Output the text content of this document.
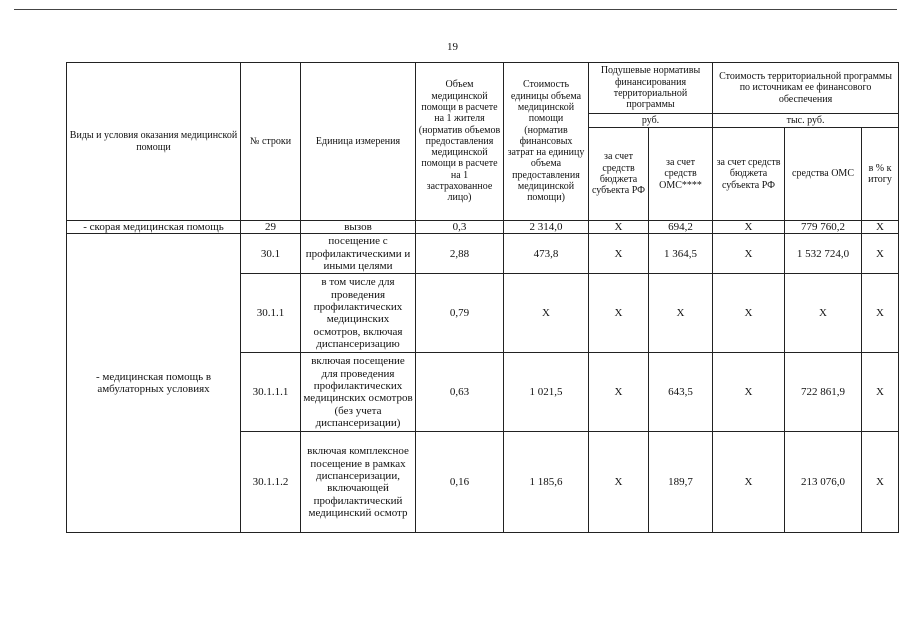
19
Виды и условия оказания медицинской помощи	№ строки	Единица измерения	Объем медицинской помощи в расчете на 1 жителя (норматив объемов предоставления медицинской помощи в расчете на 1 застрахованное лицо)	Стоимость единицы объема медицинской помощи (норматив финансовых затрат на единицу объема предоставления медицинской помощи)	Подушевые нормативы финансирования территориальной программы		Стоимость территориальной программы по источникам ее финансового обеспечения		
					руб.		тыс. руб.		
					за счет средств бюджета субъекта РФ	за счет средств ОМС****	за счет средств бюджета субъекта РФ	средства ОМС	в % к итогу
- скорая медицинская помощь	29	вызов	0,3	2 314,0	X	694,2	X	779 760,2	X
- медицинская помощь в амбулаторных условиях	30.1	посещение с профилактическими и иными целями	2,88	473,8	X	1 364,5	X	1 532 724,0	X
	30.1.1	в том числе для проведения профилактических медицинских осмотров, включая диспансеризацию	0,79	X	X	X	X	X	X
	30.1.1.1	включая посещение для проведения профилактических медицинских осмотров (без учета диспансеризации)	0,63	1 021,5	X	643,5	X	722 861,9	X
	30.1.1.2	включая комплексное посещение в рамках диспансеризации, включающей профилактический медицинский осмотр	0,16	1 185,6	X	189,7	X	213 076,0	X
